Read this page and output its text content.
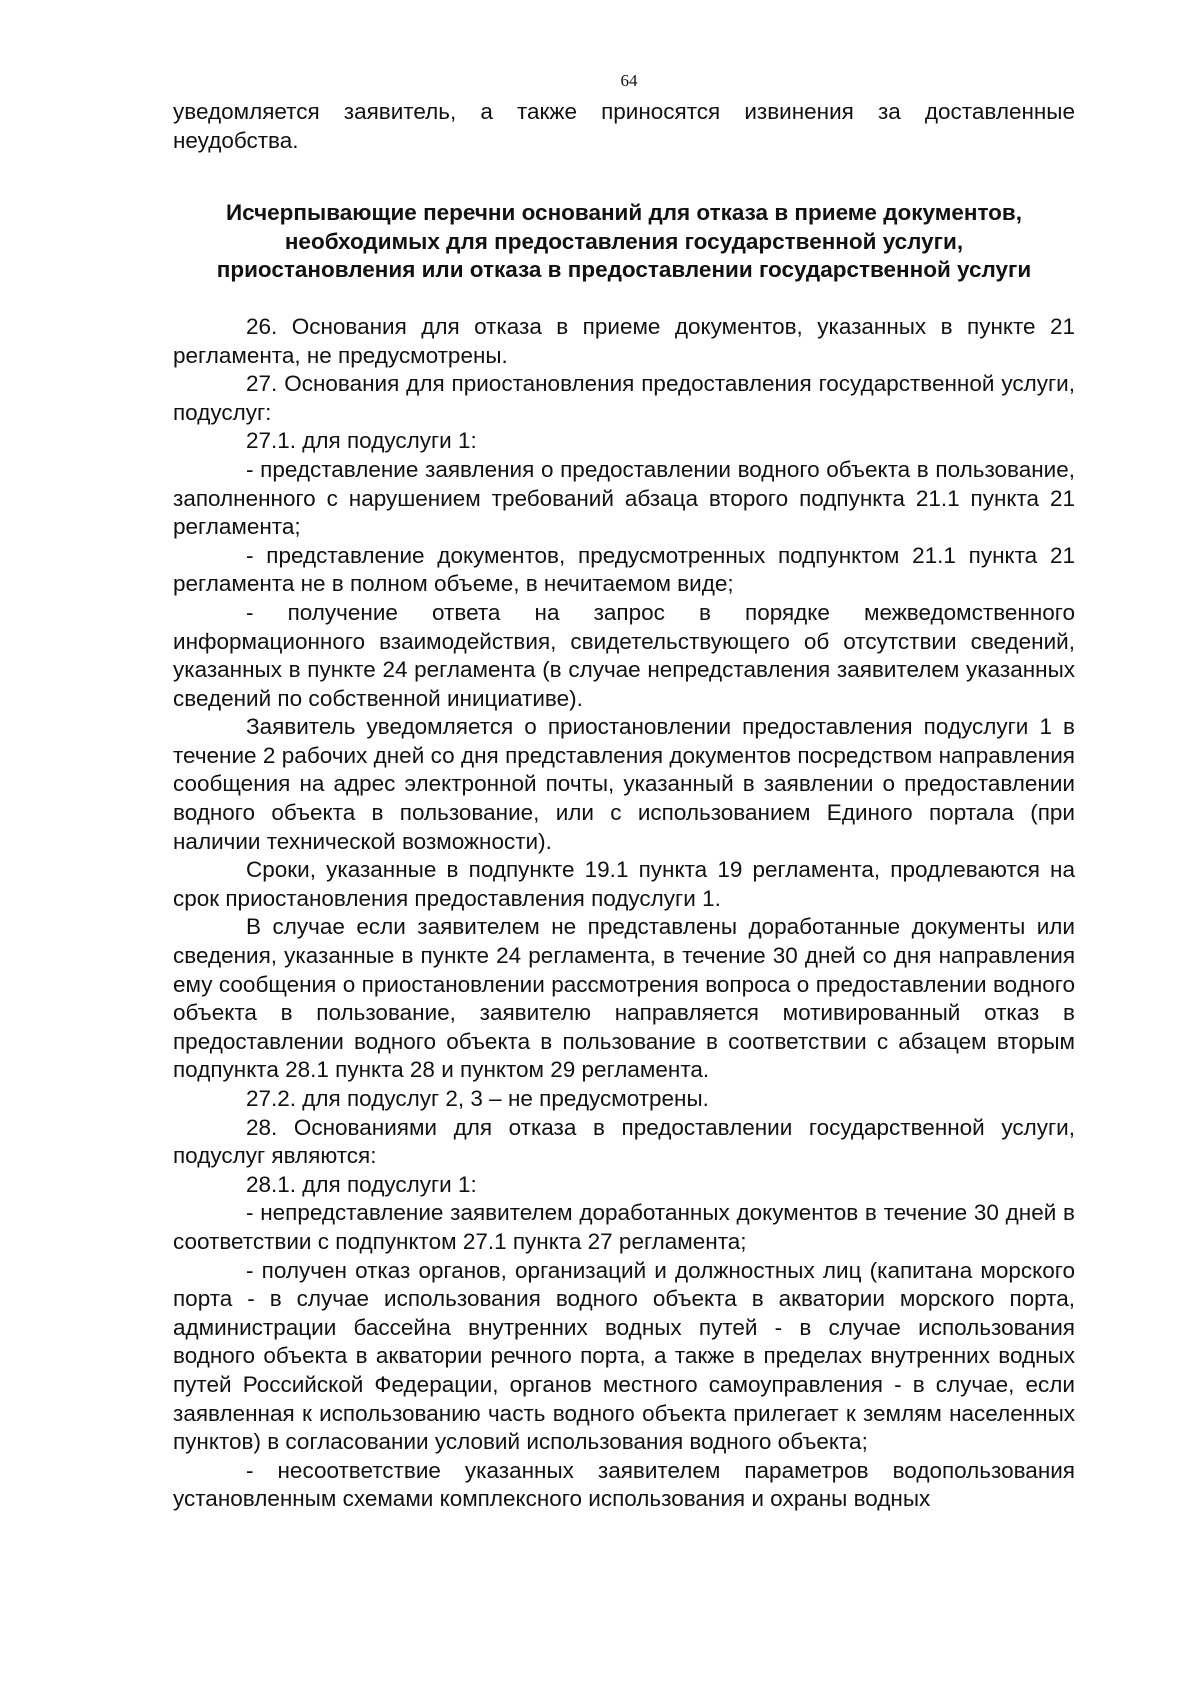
64

уведомляется заявитель, а также приносятся извинения за доставленные неудобства.

Исчерпывающие перечни оснований для отказа в приеме документов,
необходимых для предоставления государственной услуги,
приостановления или отказа в предоставлении государственной услуги

26. Основания для отказа в приеме документов, указанных в пункте 21 регламента, не предусмотрены.

27. Основания для приостановления предоставления государственной услуги, подуслуг:

27.1. для подуслуги 1:

- представление заявления о предоставлении водного объекта в пользование, заполненного с нарушением требований абзаца второго подпункта 21.1 пункта 21 регламента;

- представление документов, предусмотренных подпунктом 21.1 пункта 21 регламента не в полном объеме, в нечитаемом виде;

- получение ответа на запрос в порядке межведомственного информационного взаимодействия, свидетельствующего об отсутствии сведений, указанных в пункте 24 регламента (в случае непредставления заявителем указанных сведений по собственной инициативе).

Заявитель уведомляется о приостановлении предоставления подуслуги 1 в течение 2 рабочих дней со дня представления документов посредством направления сообщения на адрес электронной почты, указанный в заявлении о предоставлении водного объекта в пользование, или с использованием Единого портала (при наличии технической возможности).

Сроки, указанные в подпункте 19.1 пункта 19 регламента, продлеваются на срок приостановления предоставления подуслуги 1.

В случае если заявителем не представлены доработанные документы или сведения, указанные в пункте 24 регламента, в течение 30 дней со дня направления ему сообщения о приостановлении рассмотрения вопроса о предоставлении водного объекта в пользование, заявителю направляется мотивированный отказ в предоставлении водного объекта в пользование в соответствии с абзацем вторым подпункта 28.1 пункта 28 и пунктом 29 регламента.

27.2. для подуслуг 2, 3 – не предусмотрены.

28. Основаниями для отказа в предоставлении государственной услуги, подуслуг являются:

28.1. для подуслуги 1:

- непредставление заявителем доработанных документов в течение 30 дней в соответствии с подпунктом 27.1 пункта 27 регламента;

- получен отказ органов, организаций и должностных лиц (капитана морского порта - в случае использования водного объекта в акватории морского порта, администрации бассейна внутренних водных путей - в случае использования водного объекта в акватории речного порта, а также в пределах внутренних водных путей Российской Федерации, органов местного самоуправления - в случае, если заявленная к использованию часть водного объекта прилегает к землям населенных пунктов) в согласовании условий использования водного объекта;

- несоответствие указанных заявителем параметров водопользования установленным схемами комплексного использования и охраны водных
